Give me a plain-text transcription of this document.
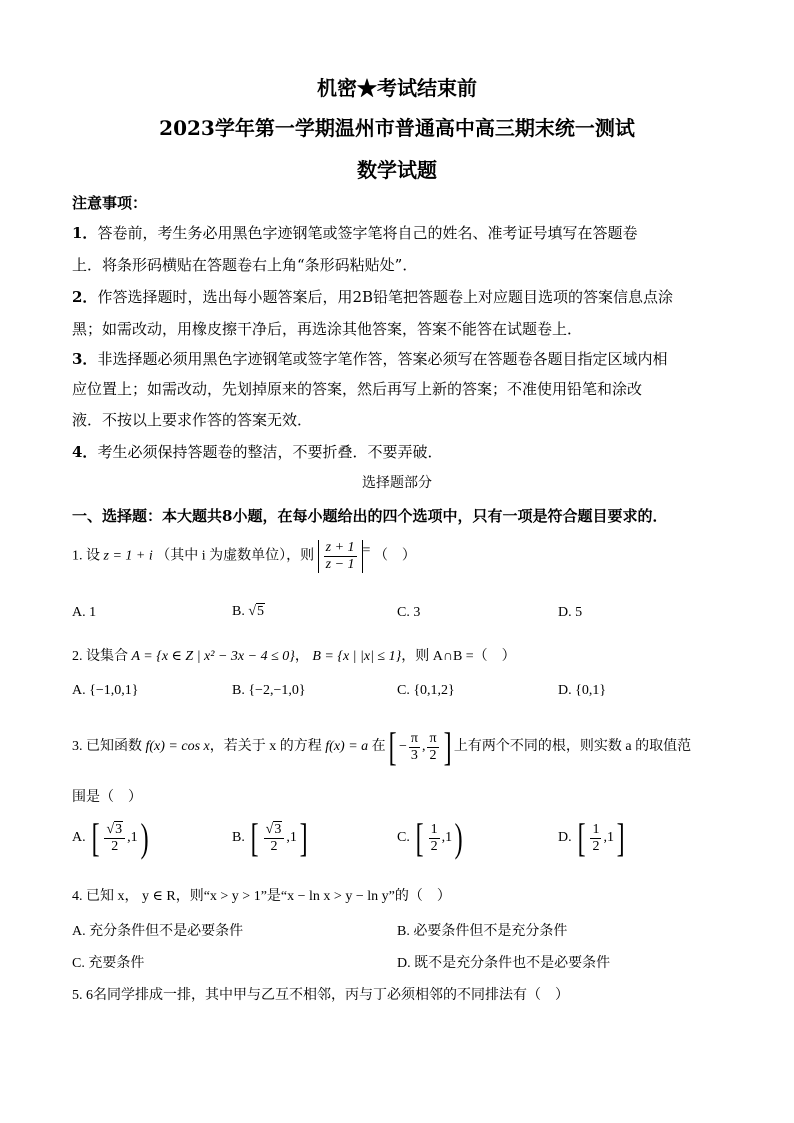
机密★考试结束前
2023学年第一学期温州市普通高中高三期末统一测试
数学试题
注意事项：
1．答卷前，考生务必用黑色字迹钢笔或签字笔将自己的姓名、准考证号填写在答题卷
上．将条形码横贴在答题卷右上角“条形码粘贴处”．
2．作答选择题时，选出每小题答案后，用2B铅笔把答题卷上对应题目选项的答案信息点涂
黑；如需改动，用橡皮擦干净后，再选涂其他答案，答案不能答在试题卷上．
3．非选择题必须用黑色字迹钢笔或签字笔作答，答案必须写在答题卷各题目指定区域内相
应位置上；如需改动，先划掉原来的答案，然后再写上新的答案；不准使用铅笔和涂改
液．不按以上要求作答的答案无效．
4．考生必须保持答题卷的整洁，不要折叠．不要弄破．
选择题部分
一、选择题：本大题共8小题，在每小题给出的四个选项中，只有一项是符合题目要求的．
1. 设 z = 1 + i （其中 i 为虚数单位），则 $\frac{z + 1}{z - 1}$ = （　）
A. 1	B. √5	C. 3	D. 5
2. 设集合 A = {x ∈ Z | x² − 3x − 4 ≤ 0}， B = {x | |x| ≤ 1}，则 A∩B =（　）
A. {−1,0,1}	B. {−2,−1,0}	C. {0,1,2}	D. {0,1}
3. 已知函数 f(x) = cos x，若关于 x 的方程 f(x) = a 在[ − $\frac{\pi}{3}$ , $\frac{\pi}{2}$ ] 上有两个不同的根，则实数 a 的取值范
围是（　）
A. [ $\frac{√3}{2} ,1$)	B. [ $\frac{√3}{2} ,1$]	C. [ $\frac{1}{2} ,1$)	D. [ $\frac{1}{2} ,1$]
4. 已知 x， y ∈ R，则“x > y > 1”是“x − ln x > y − ln y”的（　）
A. 充分条件但不是必要条件	B. 必要条件但不是充分条件
C. 充要条件	D. 既不是充分条件也不是必要条件
5. 6名同学排成一排，其中甲与乙互不相邻，丙与丁必须相邻的不同排法有（　）
